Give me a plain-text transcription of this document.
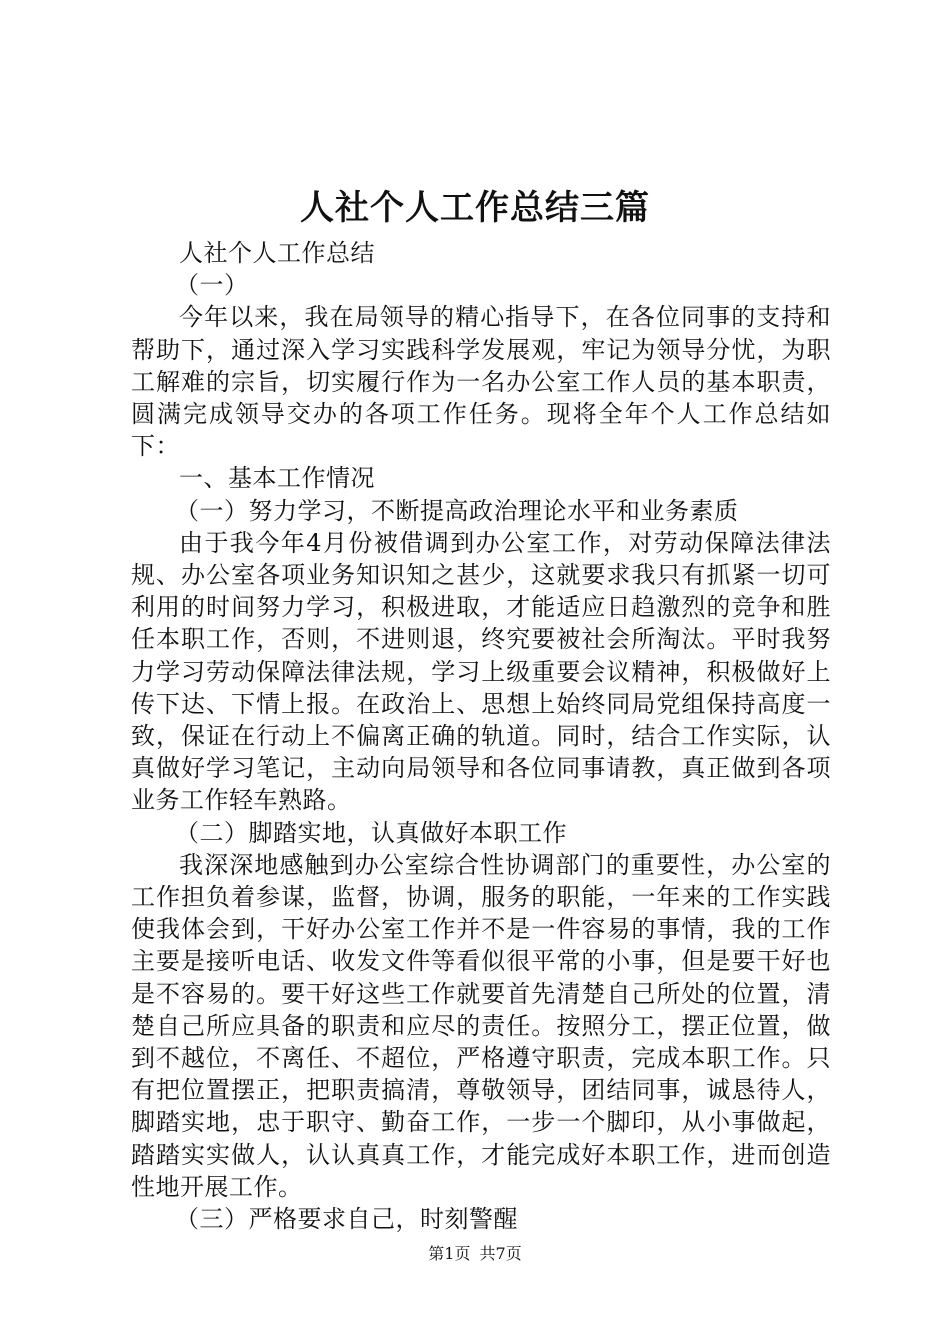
人社个人工作总结三篇

人社个人工作总结

（一）

今年以来，我在局领导的精心指导下，在各位同事的支持和帮助下，通过深入学习实践科学发展观，牢记为领导分忧，为职工解难的宗旨，切实履行作为一名办公室工作人员的基本职责，圆满完成领导交办的各项工作任务。现将全年个人工作总结如下：

一、基本工作情况

（一）努力学习，不断提高政治理论水平和业务素质

由于我今年4月份被借调到办公室工作，对劳动保障法律法规、办公室各项业务知识知之甚少，这就要求我只有抓紧一切可利用的时间努力学习，积极进取，才能适应日趋激烈的竞争和胜任本职工作，否则，不进则退，终究要被社会所淘汰。平时我努力学习劳动保障法律法规，学习上级重要会议精神，积极做好上传下达、下情上报。在政治上、思想上始终同局党组保持高度一致，保证在行动上不偏离正确的轨道。同时，结合工作实际，认真做好学习笔记，主动向局领导和各位同事请教，真正做到各项业务工作轻车熟路。

（二）脚踏实地，认真做好本职工作

我深深地感触到办公室综合性协调部门的重要性，办公室的工作担负着参谋，监督，协调，服务的职能，一年来的工作实践使我体会到，干好办公室工作并不是一件容易的事情，我的工作主要是接听电话、收发文件等看似很平常的小事，但是要干好也是不容易的。要干好这些工作就要首先清楚自己所处的位置，清楚自己所应具备的职责和应尽的责任。按照分工，摆正位置，做到不越位，不离任、不超位，严格遵守职责，完成本职工作。只有把位置摆正，把职责搞清，尊敬领导，团结同事，诚恳待人，脚踏实地，忠于职守、勤奋工作，一步一个脚印，从小事做起，踏踏实实做人，认认真真工作，才能完成好本职工作，进而创造性地开展工作。

（三）严格要求自己，时刻警醒

第1页 共7页
